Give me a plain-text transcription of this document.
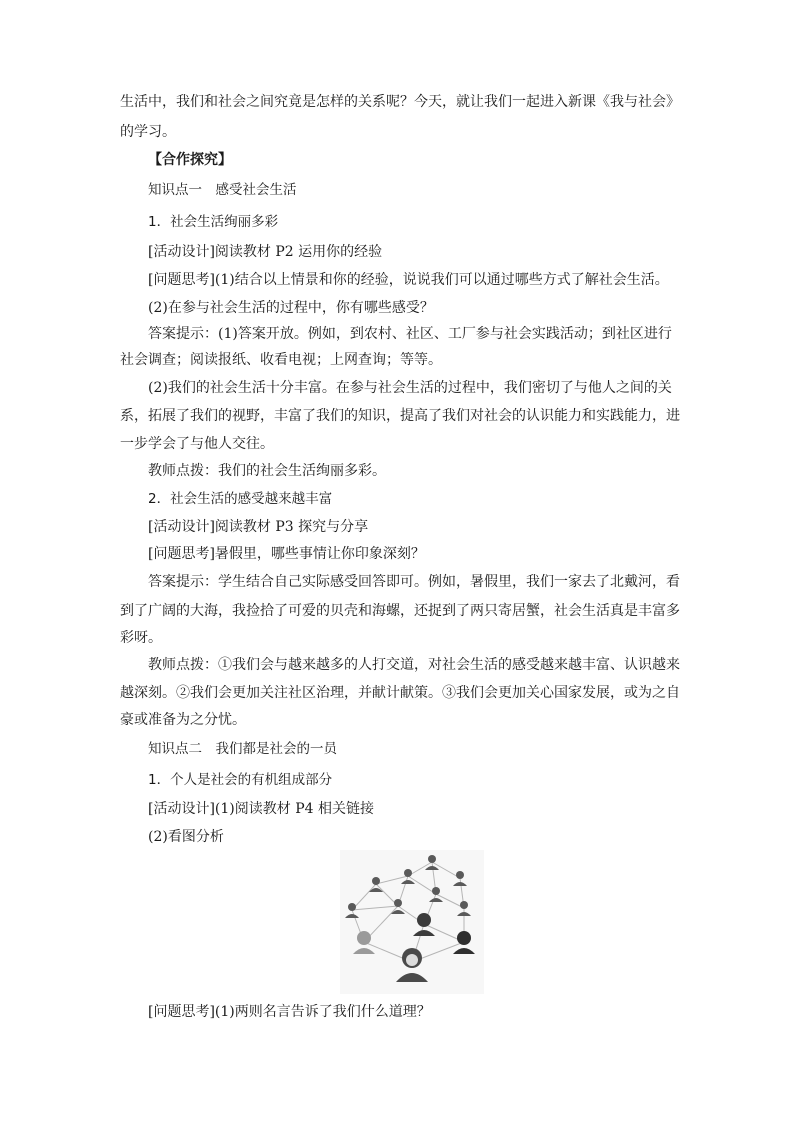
生活中，我们和社会之间究竟是怎样的关系呢？今天，就让我们一起进入新课《我与社会》
的学习。
【合作探究】
知识点一　感受社会生活
1．社会生活绚丽多彩
[活动设计]阅读教材 P2 运用你的经验
[问题思考](1)结合以上情景和你的经验，说说我们可以通过哪些方式了解社会生活。
(2)在参与社会生活的过程中，你有哪些感受？
答案提示：(1)答案开放。例如，到农村、社区、工厂参与社会实践活动；到社区进行
社会调查；阅读报纸、收看电视；上网查询；等等。
(2)我们的社会生活十分丰富。在参与社会生活的过程中，我们密切了与他人之间的关
系，拓展了我们的视野，丰富了我们的知识，提高了我们对社会的认识能力和实践能力，进
一步学会了与他人交往。
教师点拨：我们的社会生活绚丽多彩。
2．社会生活的感受越来越丰富
[活动设计]阅读教材 P3 探究与分享
[问题思考]暑假里，哪些事情让你印象深刻？
答案提示：学生结合自己实际感受回答即可。例如，暑假里，我们一家去了北戴河，看
到了广阔的大海，我捡拾了可爱的贝壳和海螺，还捉到了两只寄居蟹，社会生活真是丰富多
彩呀。
教师点拨：①我们会与越来越多的人打交道，对社会生活的感受越来越丰富、认识越来
越深刻。②我们会更加关注社区治理，并献计献策。③我们会更加关心国家发展，或为之自
豪或准备为之分忧。
知识点二　我们都是社会的一员
1．个人是社会的有机组成部分
[活动设计](1)阅读教材 P4 相关链接
(2)看图分析
[问题思考](1)两则名言告诉了我们什么道理？
